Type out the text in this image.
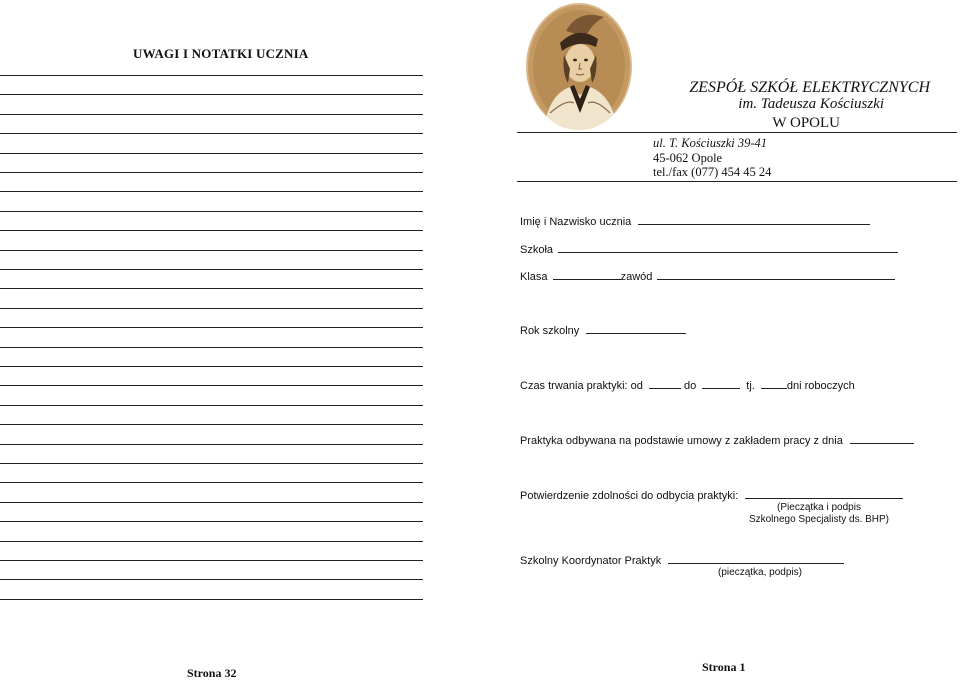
UWAGI I NOTATKI UCZNIA
Strona 32
ZESPÓŁ SZKÓŁ ELEKTRYCZNYCH
im. Tadeusza Kościuszki
W OPOLU
ul. T. Kościuszki 39-41
45-062 Opole
tel./fax (077) 454 45 24
Imię i Nazwisko ucznia
Szkoła
Klasa	zawód
Rok szkolny
Czas trwania praktyki: od	do	tj.	dni roboczych
Praktyka odbywana na podstawie umowy z zakładem pracy z dnia
Potwierdzenie zdolności do odbycia praktyki:
(Pieczątka i podpis
Szkolnego Specjalisty ds. BHP)
Szkolny Koordynator Praktyk
(pieczątka, podpis)
Strona 1
